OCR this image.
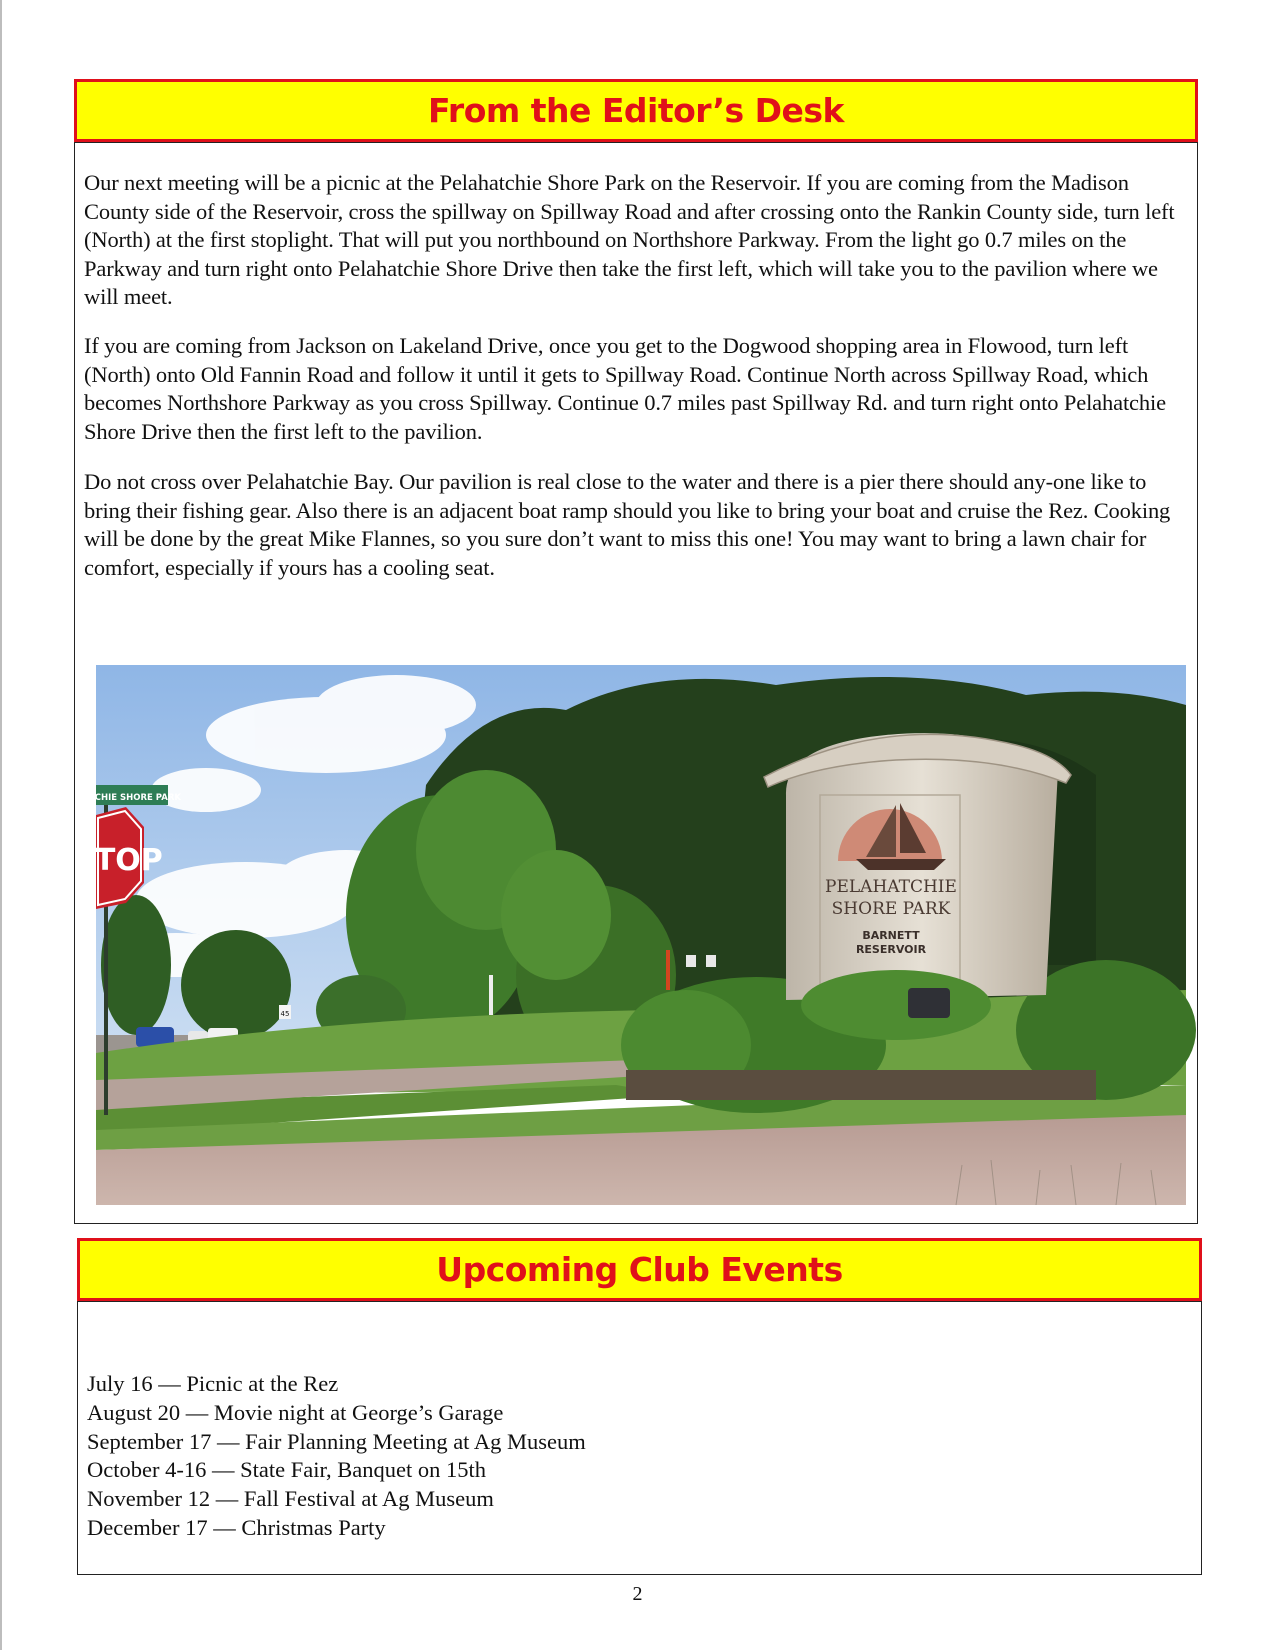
From the Editor’s Desk

Our next meeting will be a picnic at the Pelahatchie Shore Park on the Reservoir. If you are coming from the Madison County side of the Reservoir, cross the spillway on Spillway Road and after crossing onto the Rankin County side, turn left (North) at the first stoplight. That will put you northbound on Northshore Parkway. From the light go 0.7 miles on the Parkway and turn right onto Pelahatchie Shore Drive then take the first left, which will take you to the pavilion where we will meet.

If you are coming from Jackson on Lakeland Drive, once you get to the Dogwood shopping area in Flowood, turn left (North) onto Old Fannin Road and follow it until it gets to Spillway Road. Continue North across Spillway Road, which becomes Northshore Parkway as you cross Spillway. Continue 0.7 miles past Spillway Rd. and turn right onto Pelahatchie Shore Drive then the first left to the pavilion.

Do not cross over Pelahatchie Bay. Our pavilion is real close to the water and there is a pier there should any-one like to bring their fishing gear. Also there is an adjacent boat ramp should you like to bring your boat and cruise the Rez. Cooking will be done by the great Mike Flannes, so you sure don’t want to miss this one! You may want to bring a lawn chair for comfort, especially if yours has a cooling seat.

45
PELAHATCHIE
SHORE PARK
BARNETT
RESERVOIR
ATCHIE SHORE PARK
STOP
Upcoming Club Events
July 16 — Picnic at the Rez
August 20 — Movie night at George’s Garage
September 17 — Fair Planning Meeting at Ag Museum
October 4-16 — State Fair, Banquet on 15th
November 12 — Fall Festival at Ag Museum
December 17 — Christmas Party
2
